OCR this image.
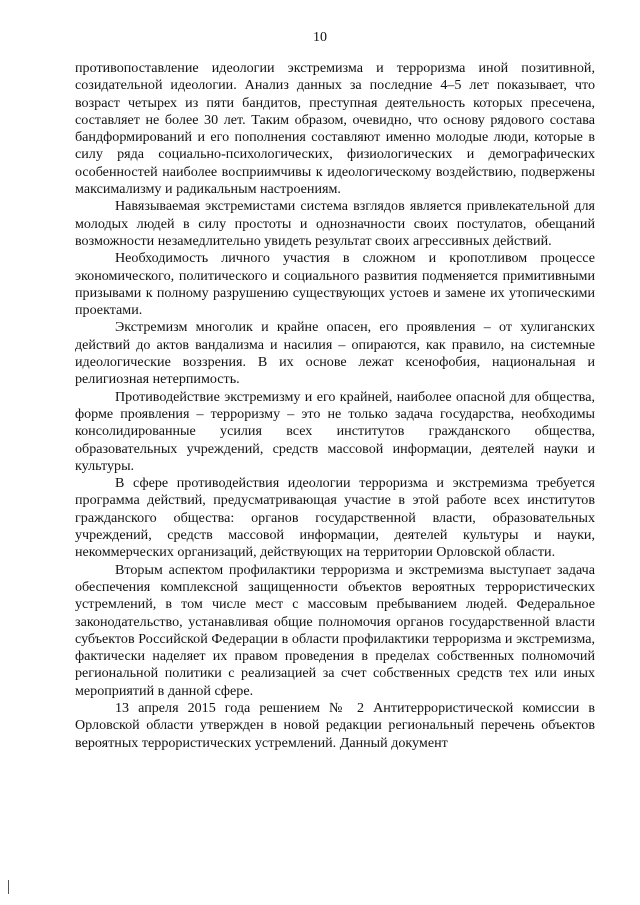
10

противопоставление идеологии экстремизма и терроризма иной позитивной, созидательной идеологии. Анализ данных за последние 4–5 лет показывает, что возраст четырех из пяти бандитов, преступная деятельность которых пресечена, составляет не более 30 лет. Таким образом, очевидно, что основу рядового состава бандформирований и его пополнения составляют именно молодые люди, которые в силу ряда социально-психологических, физиологических и демографических особенностей наиболее восприимчивы к идеологическому воздействию, подвержены максимализму и радикальным настроениям.

Навязываемая экстремистами система взглядов является привлекательной для молодых людей в силу простоты и однозначности своих постулатов, обещаний возможности незамедлительно увидеть результат своих агрессивных действий.

Необходимость личного участия в сложном и кропотливом процессе экономического, политического и социального развития подменяется примитивными призывами к полному разрушению существующих устоев и замене их утопическими проектами.

Экстремизм многолик и крайне опасен, его проявления – от хулиганских действий до актов вандализма и насилия – опираются, как правило, на системные идеологические воззрения. В их основе лежат ксенофобия, национальная и религиозная нетерпимость.

Противодействие экстремизму и его крайней, наиболее опасной для общества, форме проявления – терроризму – это не только задача государства, необходимы консолидированные усилия всех институтов гражданского общества, образовательных учреждений, средств массовой информации, деятелей науки и культуры.

В сфере противодействия идеологии терроризма и экстремизма требуется программа действий, предусматривающая участие в этой работе всех институтов гражданского общества: органов государственной власти, образовательных учреждений, средств массовой информации, деятелей культуры и науки, некоммерческих организаций, действующих на территории Орловской области.

Вторым аспектом профилактики терроризма и экстремизма выступает задача обеспечения комплексной защищенности объектов вероятных террористических устремлений, в том числе мест с массовым пребыванием людей. Федеральное законодательство, устанавливая общие полномочия органов государственной власти субъектов Российской Федерации в области профилактики терроризма и экстремизма, фактически наделяет их правом проведения в пределах собственных полномочий региональной политики с реализацией за счет собственных средств тех или иных мероприятий в данной сфере.

13 апреля 2015 года решением № 2 Антитеррористической комиссии в Орловской области утвержден в новой редакции региональный перечень объектов вероятных террористических устремлений. Данный документ
